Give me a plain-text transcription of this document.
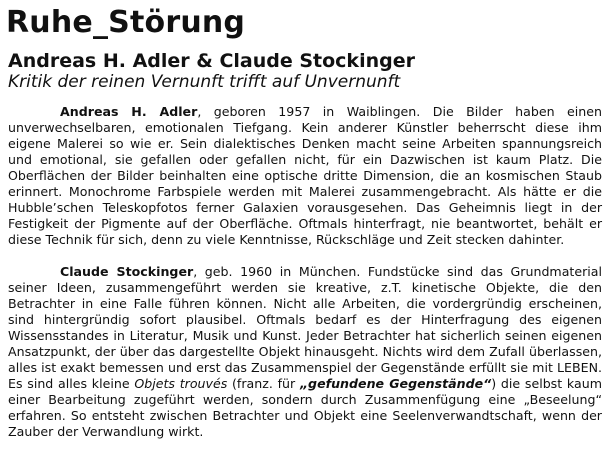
Ruhe_Störung
Andreas H. Adler & Claude Stockinger
Kritik der reinen Vernunft trifft auf Unvernunft

Andreas H. Adler, geboren 1957 in Waiblingen. Die Bilder haben einen unverwechselbaren, emotionalen Tiefgang. Kein anderer Künstler beherrscht diese ihm eigene Malerei so wie er. Sein dialektisches Denken macht seine Arbeiten spannungsreich und emotional, sie gefallen oder gefallen nicht, für ein Dazwischen ist kaum Platz. Die Oberflächen der Bilder beinhalten eine optische dritte Dimension, die an kosmischen Staub erinnert. Monochrome Farbspiele werden mit Malerei zusammengebracht. Als hätte er die Hubble’schen Teleskopfotos ferner Galaxien vorausgesehen. Das Geheimnis liegt in der Festigkeit der Pigmente auf der Oberfläche. Oftmals hinterfragt, nie beantwortet, behält er diese Technik für sich, denn zu viele Kenntnisse, Rückschläge und Zeit stecken dahinter.

Claude Stockinger, geb. 1960 in München. Fundstücke sind das Grundmaterial seiner Ideen, zusammengeführt werden sie kreative, z.T. kinetische Objekte, die den Betrachter in eine Falle führen können. Nicht alle Arbeiten, die vordergründig erscheinen, sind hintergründig sofort plausibel. Oftmals bedarf es der Hinterfragung des eigenen Wissensstandes in Literatur, Musik und Kunst. Jeder Betrachter hat sicherlich seinen eigenen Ansatzpunkt, der über das dargestellte Objekt hinausgeht. Nichts wird dem Zufall überlassen, alles ist exakt bemessen und erst das Zusammenspiel der Gegenstände erfüllt sie mit LEBEN. Es sind alles kleine Objets trouvés (franz. für „gefundene Gegenstände“) die selbst kaum einer Bearbeitung zugeführt werden, sondern durch Zusammenfügung eine „Beseelung“ erfahren. So entsteht zwischen Betrachter und Objekt eine Seelenverwandtschaft, wenn der Zauber der Verwandlung wirkt.
